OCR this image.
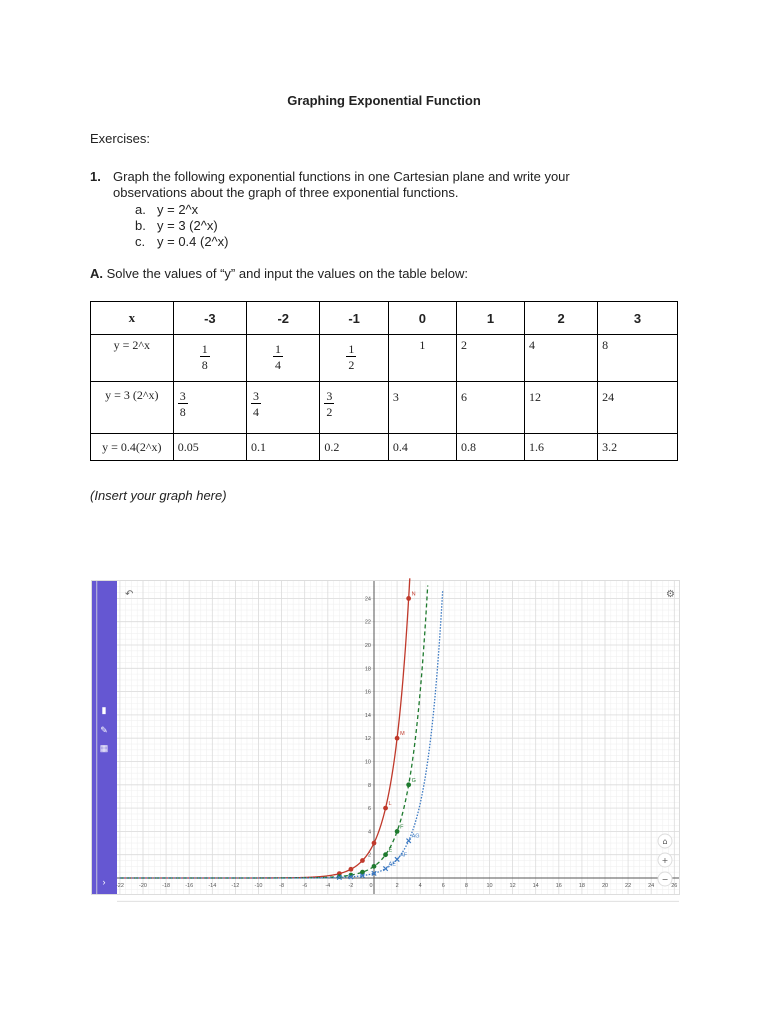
Graphing Exponential Function
Exercises:
1. Graph the following exponential functions in one Cartesian plane and write your observations about the graph of three exponential functions.
a. y = 2^x
b. y = 3 (2^x)
c. y = 0.4 (2^x)
A. Solve the values of “y” and input the values on the table below:
x	-3	-2	-1	0	1	2	3
y = 2^x	$\frac{1}{8}$	$\frac{1}{4}$	$\frac{1}{2}$	1	2	4	8
y = 3 (2^x)	$\frac{3}{8}$	$\frac{3}{4}$	$\frac{3}{2}$	3	6	12	24
y = 0.4(2^x)	0.05	0.1	0.2	0.4	0.8	1.6	3.2
(Insert your graph here)
▮
✎
▦
›	-22	-20	-18	-16	-14	-12	-10	-8	-6	-4	-2	2	4	6	8	10	12	14	16	18	20	22	24	26
0
2
4
6
8
10
12
14
16
18
20
22
24
L
M
N
E
F
G
AE
AF
AG
↶	⚙
⌂
+
−
